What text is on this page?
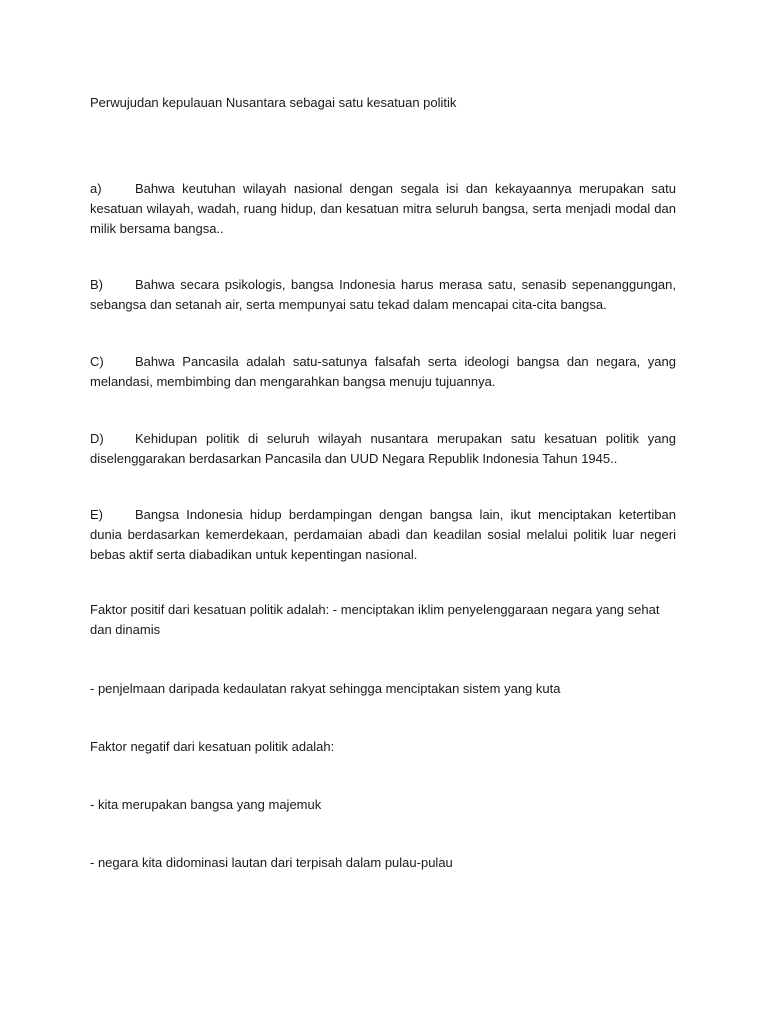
Perwujudan kepulauan Nusantara sebagai satu kesatuan politik

a)	Bahwa keutuhan wilayah nasional dengan segala isi dan kekayaannya merupakan satu kesatuan wilayah, wadah, ruang hidup, dan kesatuan mitra seluruh bangsa, serta menjadi modal dan milik bersama bangsa..

B) Bahwa secara psikologis, bangsa Indonesia harus merasa satu, senasib sepenanggungan, sebangsa dan setanah air, serta mempunyai satu tekad dalam mencapai cita-cita bangsa.

C) Bahwa Pancasila adalah satu-satunya falsafah serta ideologi bangsa dan negara, yang melandasi, membimbing dan mengarahkan bangsa menuju tujuannya.

D) Kehidupan politik di seluruh wilayah nusantara merupakan satu kesatuan politik yang diselenggarakan berdasarkan Pancasila dan UUD Negara Republik Indonesia Tahun 1945..

E) Bangsa Indonesia hidup berdampingan dengan bangsa lain, ikut menciptakan ketertiban dunia berdasarkan kemerdekaan, perdamaian abadi dan keadilan sosial melalui politik luar negeri bebas aktif serta diabadikan untuk kepentingan nasional.

Faktor positif dari kesatuan politik adalah: - menciptakan iklim penyelenggaraan negara yang sehat dan dinamis

- penjelmaan daripada kedaulatan rakyat sehingga menciptakan sistem yang kuta

Faktor negatif dari kesatuan politik adalah:

- kita merupakan bangsa yang majemuk

- negara kita didominasi lautan dari terpisah dalam pulau-pulau
